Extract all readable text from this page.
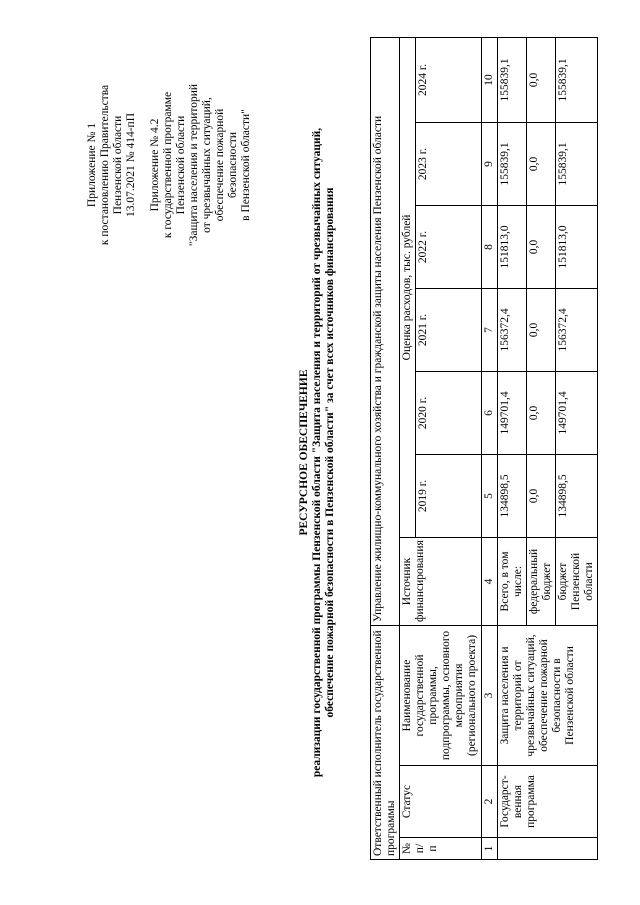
Приложение № 1 к постановлению Правительства Пензенской области 13.07.2021 № 414-пП Приложение № 4.2 к государственной программе Пензенской области "Защита населения и территорий от чрезвычайных ситуаций, обеспечение пожарной безопасности в Пензенской области"

РЕСУРСНОЕ ОБЕСПЕЧЕНИЕ реализации государственной программы Пензенской области "Защита населения и территорий от чрезвычайных ситуаций, обеспечение пожарной безопасности в Пензенской области" за счет всех источников финансирования

Ответственный исполнитель государственной программы			Управление жилищно-коммунального хозяйства и гражданской защиты населения Пензенской области						
№ п/п	Статус	Наименование государственной программы, подпрограммы, основного мероприятия (регионального проекта)	Источник финансирования	Оценка расходов, тыс. рублей					
				2019 г.	2020 г.	2021 г.	2022 г.	2023 г.	2024 г.
1	2	3	4	5	6	7	8	9	10
	Государст-венная программа	Защита населения и территорий от чрезвычайных ситуаций, обеспечение пожарной безопасности в Пензенской области	Всего, в том числе:	134898,5	149701,4	156372,4	151813,0	155839,1	155839,1
			федеральный бюджет	0,0	0,0	0,0	0,0	0,0	0,0
			бюджет Пензенской области	134898,5	149701,4	156372,4	151813,0	155839,1	155839,1
